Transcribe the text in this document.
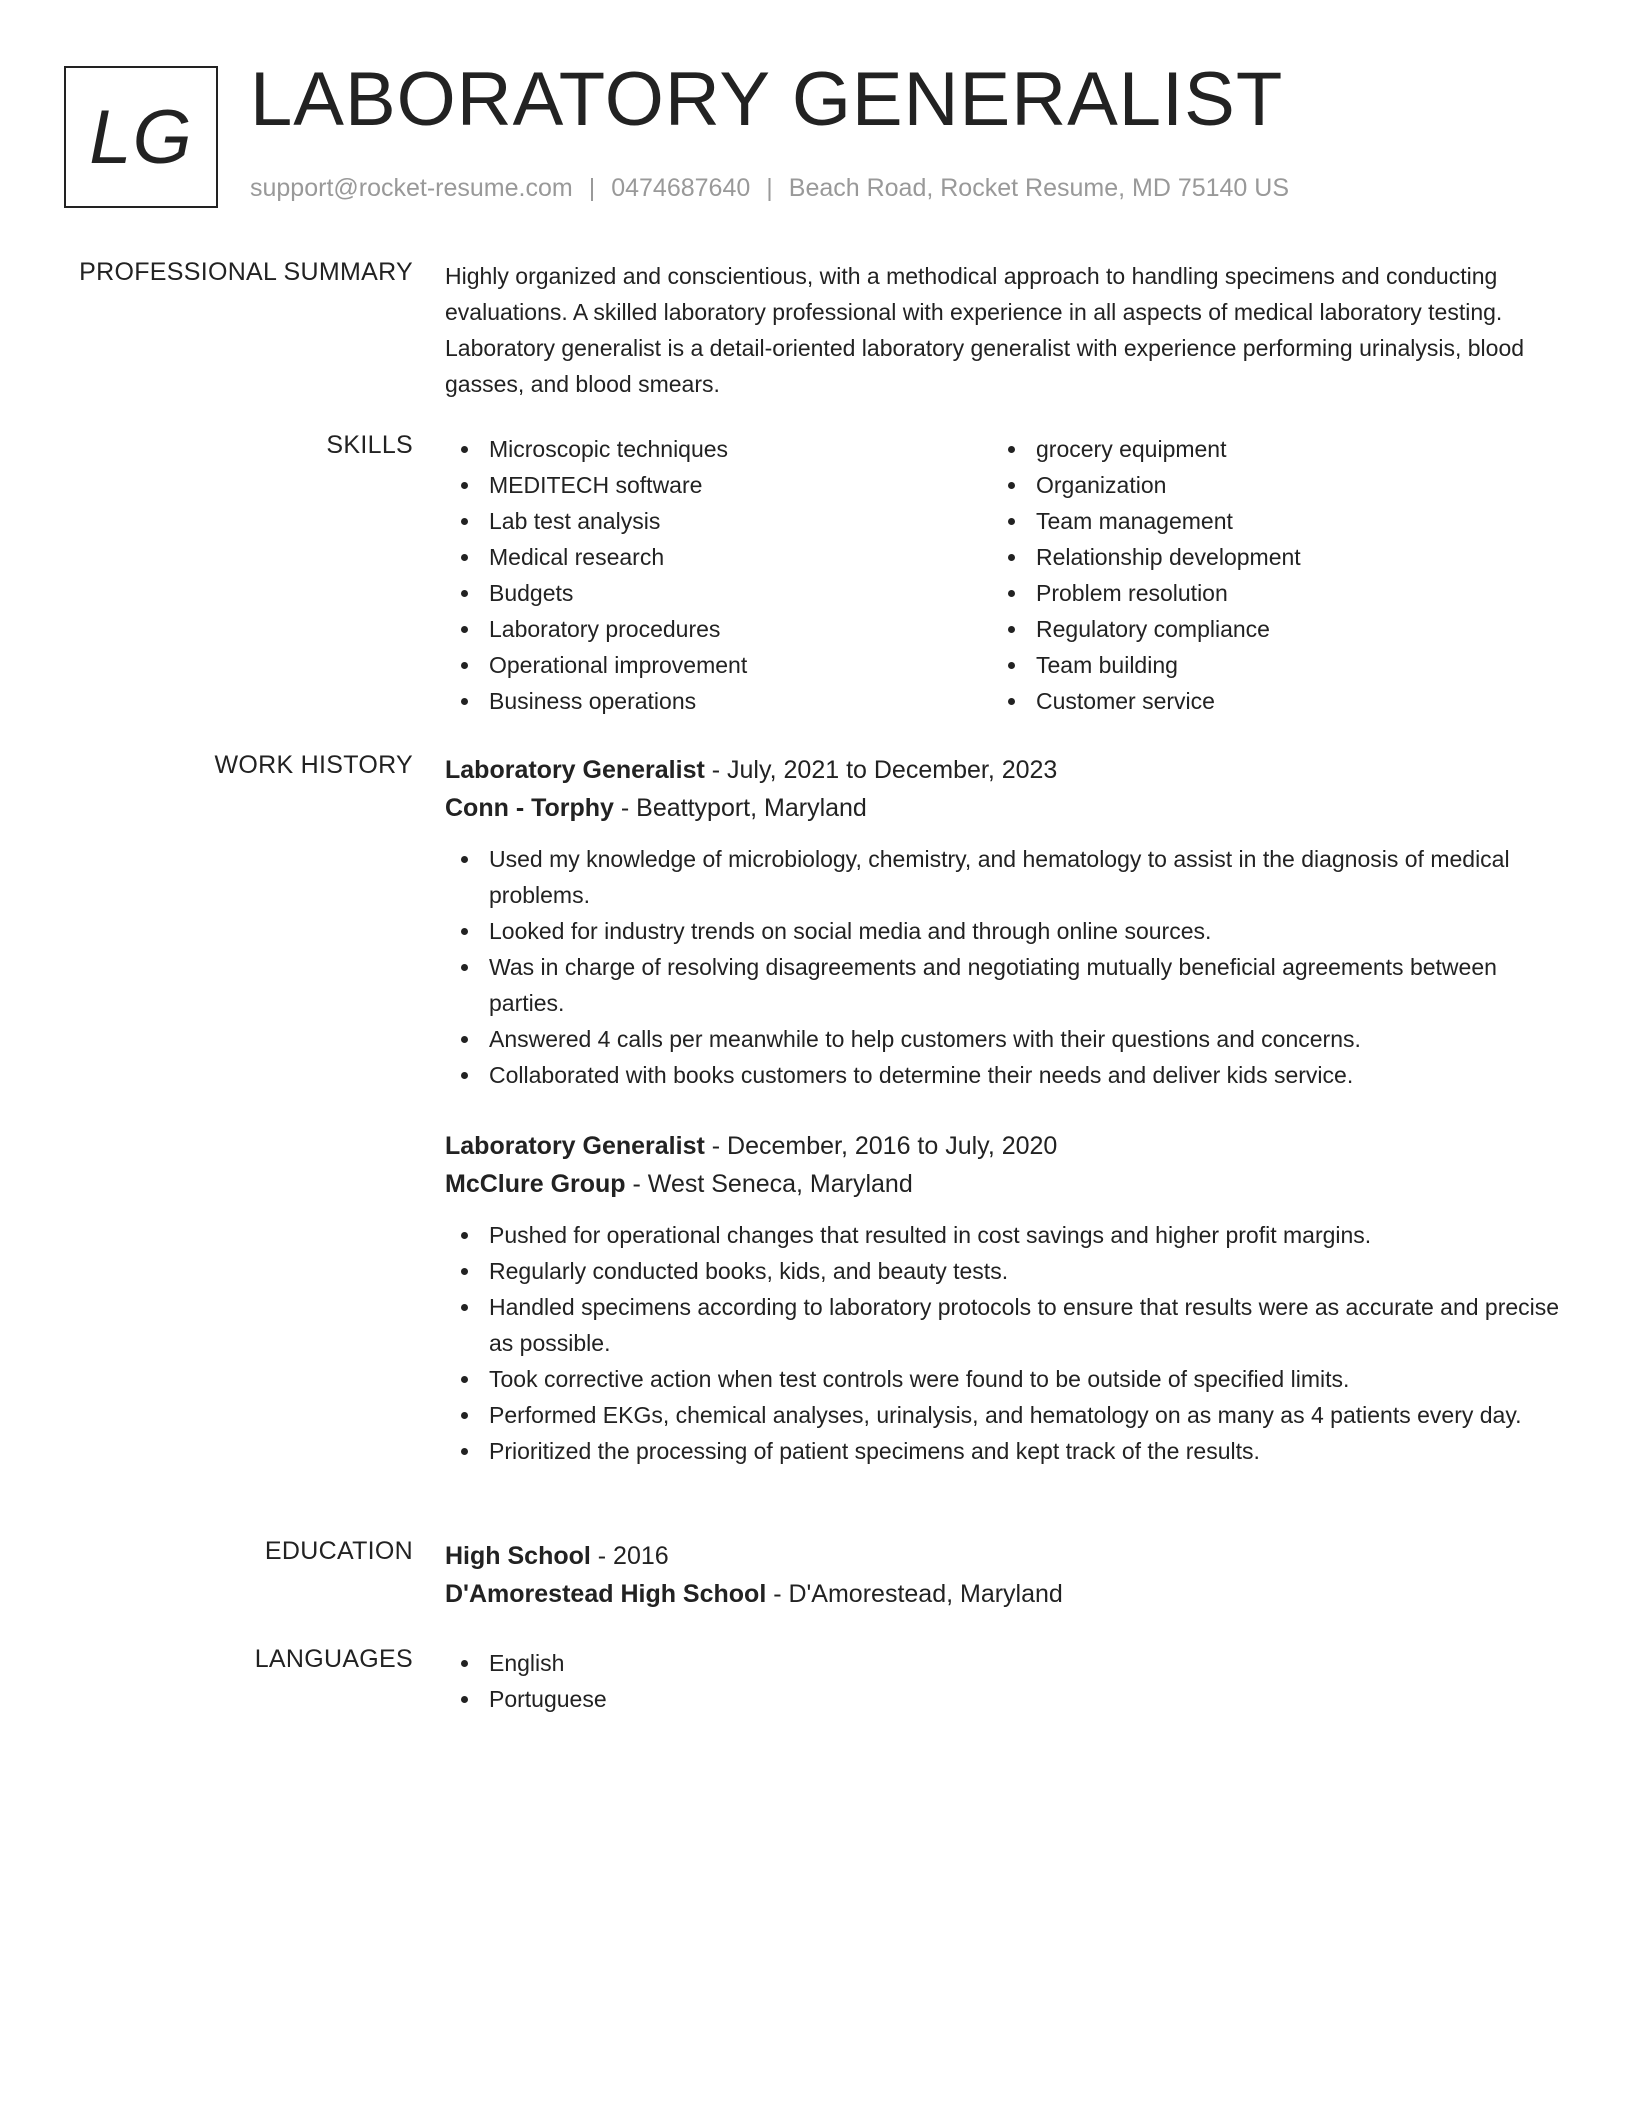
LG LABORATORY GENERALIST
support@rocket-resume.com | 0474687640 | Beach Road, Rocket Resume, MD 75140 US
PROFESSIONAL SUMMARY Highly organized and conscientious, with a methodical approach to handling specimens and conducting evaluations. A skilled laboratory professional with experience in all aspects of medical laboratory testing. Laboratory generalist is a detail-oriented laboratory generalist with experience performing urinalysis, blood gasses, and blood smears.
SKILLS	Microscopic techniques
MEDITECH software
Lab test analysis
Medical research
Budgets
Laboratory procedures
Operational improvement
Business operations
grocery equipment
Organization
Team management
Relationship development
Problem resolution
Regulatory compliance
Team building
Customer service
WORK HISTORY Laboratory Generalist - July, 2021 to December, 2023
Conn - Torphy - Beattyport, Maryland
Used my knowledge of microbiology, chemistry, and hematology to assist in the diagnosis of medical problems.
Looked for industry trends on social media and through online sources.
Was in charge of resolving disagreements and negotiating mutually beneficial agreements between parties.
Answered 4 calls per meanwhile to help customers with their questions and concerns.
Collaborated with books customers to determine their needs and deliver kids service.
Laboratory Generalist - December, 2016 to July, 2020
McClure Group - West Seneca, Maryland
Pushed for operational changes that resulted in cost savings and higher profit margins.
Regularly conducted books, kids, and beauty tests.
Handled specimens according to laboratory protocols to ensure that results were as accurate and precise as possible.
Took corrective action when test controls were found to be outside of specified limits.
Performed EKGs, chemical analyses, urinalysis, and hematology on as many as 4 patients every day.
Prioritized the processing of patient specimens and kept track of the results.
EDUCATION High School - 2016
D'Amorestead High School - D'Amorestead, Maryland
LANGUAGES	English
Portuguese
